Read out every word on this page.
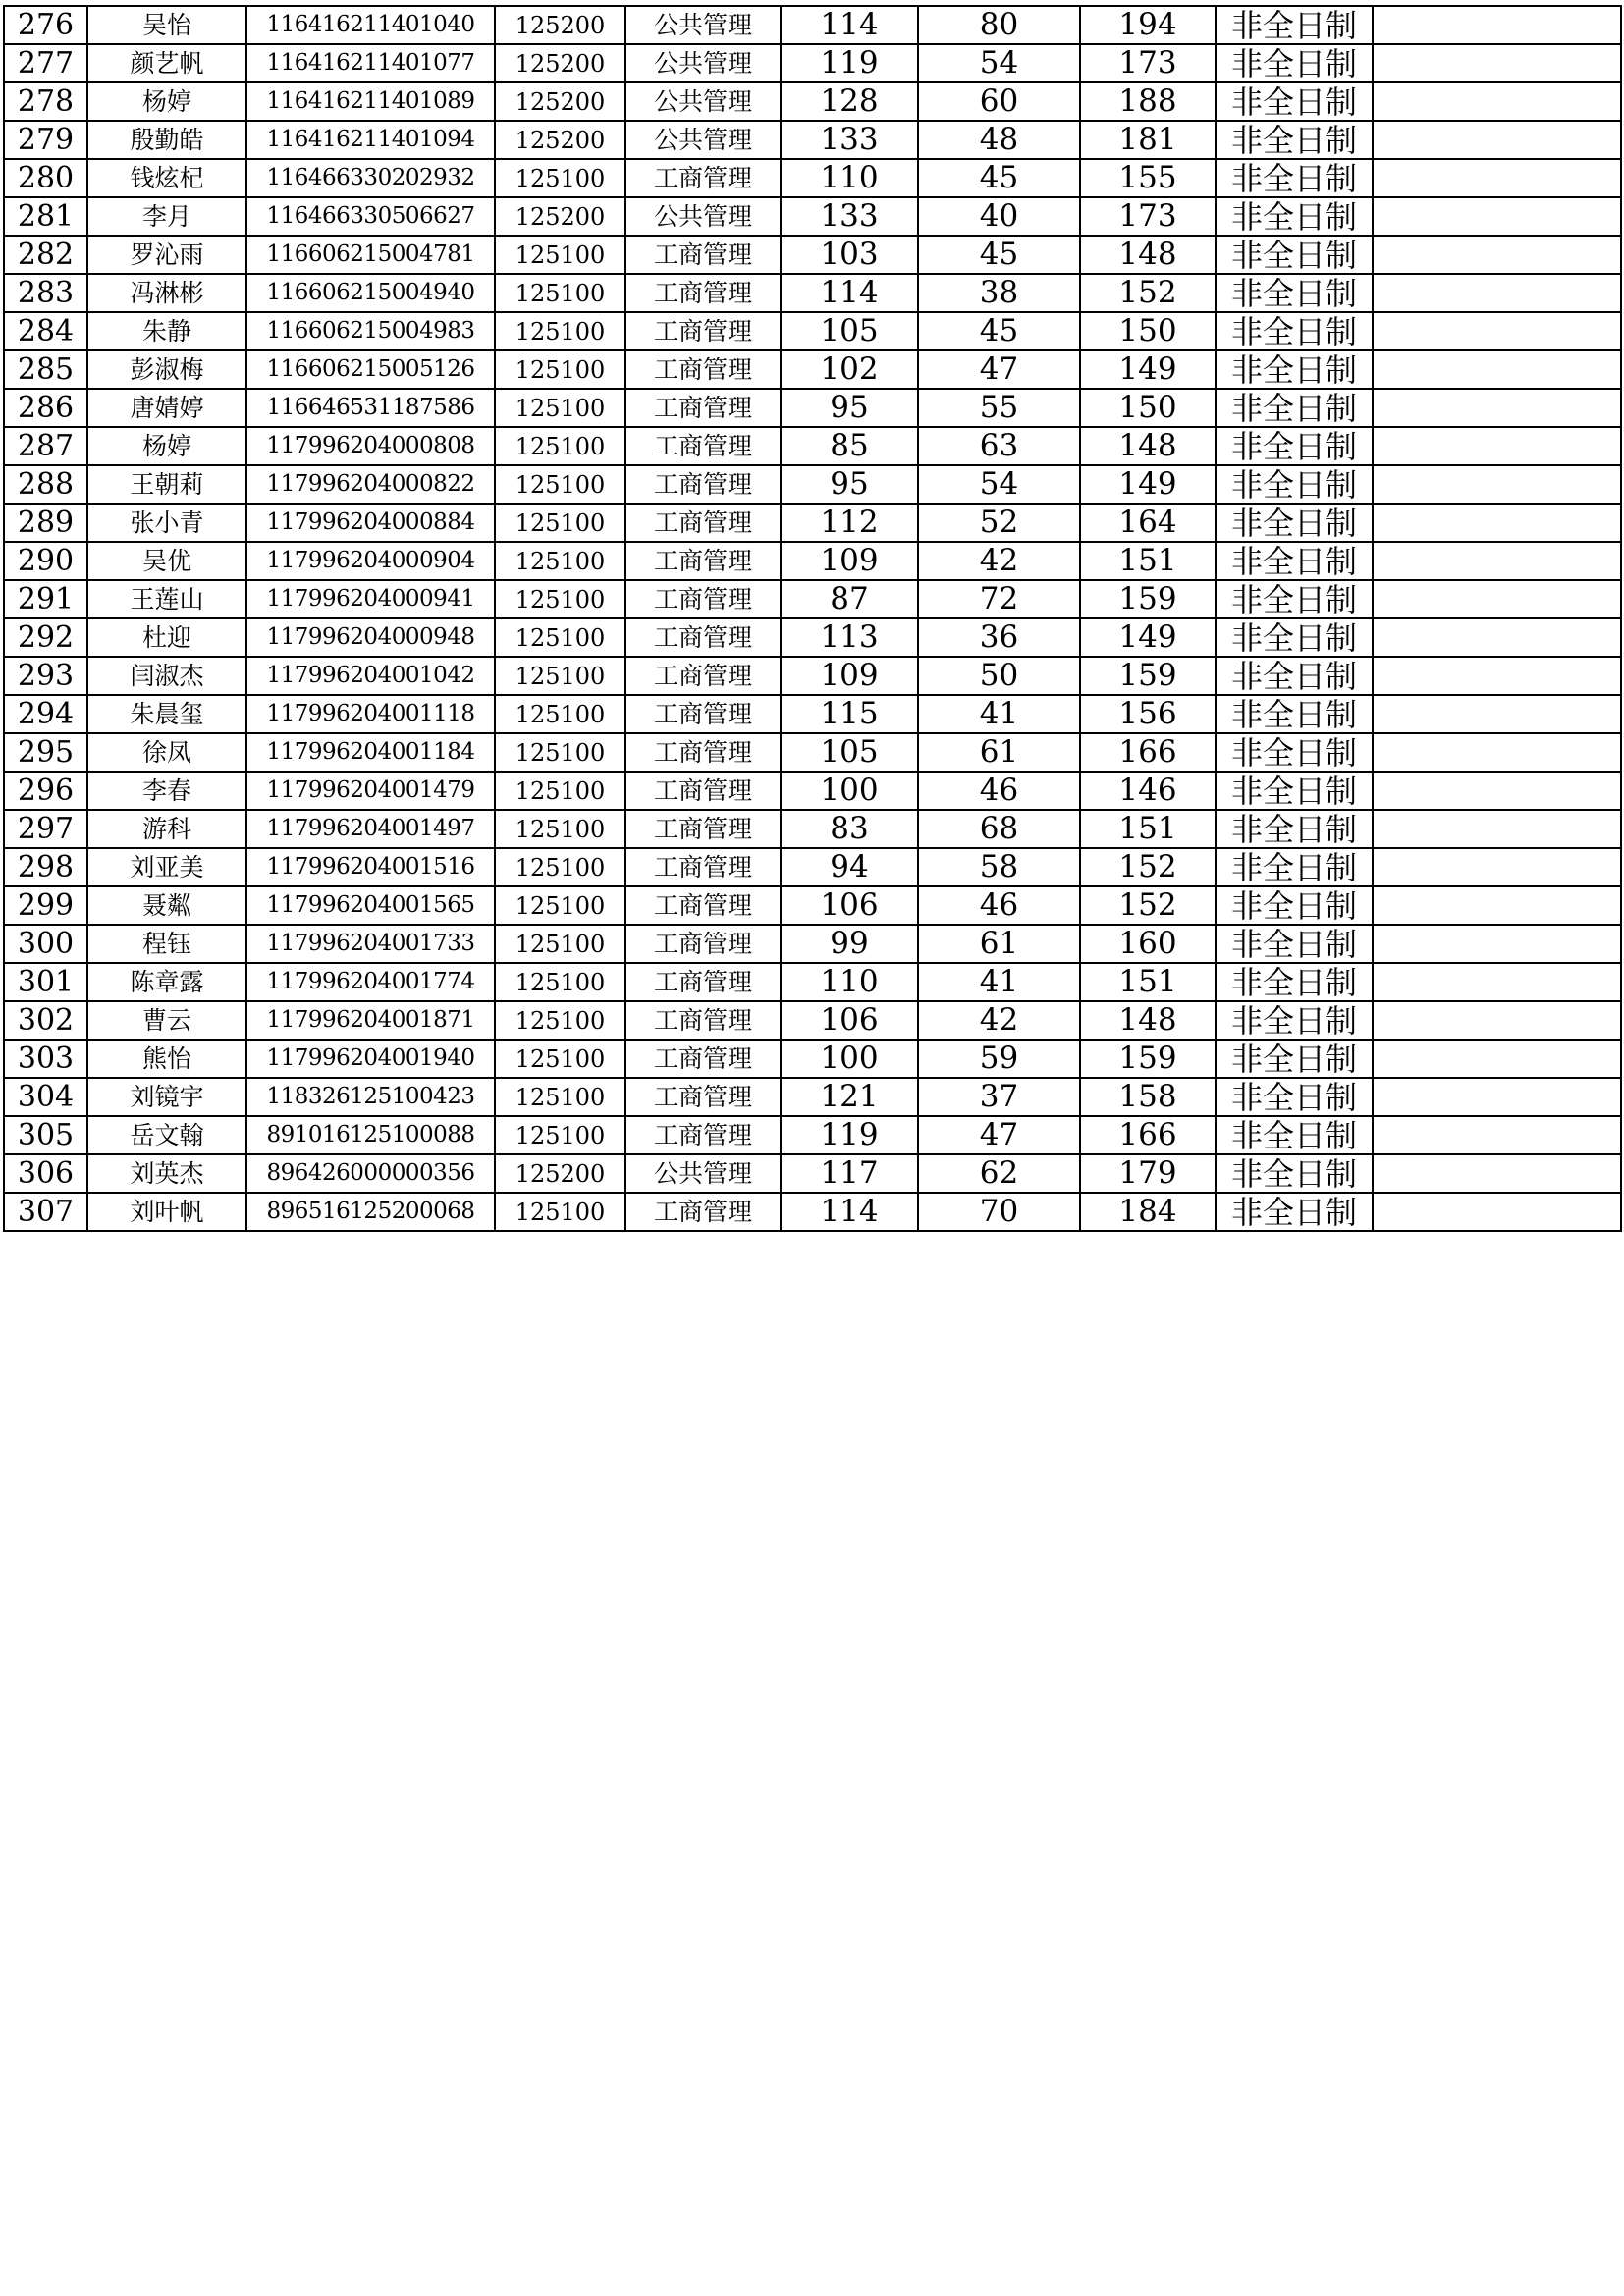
276	吴怡	116416211401040	125200	公共管理	114	80	194	非全日制	
277	颜艺帆	116416211401077	125200	公共管理	119	54	173	非全日制	
278	杨婷	116416211401089	125200	公共管理	128	60	188	非全日制	
279	殷勤皓	116416211401094	125200	公共管理	133	48	181	非全日制	
280	钱炫杞	116466330202932	125100	工商管理	110	45	155	非全日制	
281	李月	116466330506627	125200	公共管理	133	40	173	非全日制	
282	罗沁雨	116606215004781	125100	工商管理	103	45	148	非全日制	
283	冯淋彬	116606215004940	125100	工商管理	114	38	152	非全日制	
284	朱静	116606215004983	125100	工商管理	105	45	150	非全日制	
285	彭淑梅	116606215005126	125100	工商管理	102	47	149	非全日制	
286	唐婧婷	116646531187586	125100	工商管理	95	55	150	非全日制	
287	杨婷	117996204000808	125100	工商管理	85	63	148	非全日制	
288	王朝莉	117996204000822	125100	工商管理	95	54	149	非全日制	
289	张小青	117996204000884	125100	工商管理	112	52	164	非全日制	
290	吴优	117996204000904	125100	工商管理	109	42	151	非全日制	
291	王莲山	117996204000941	125100	工商管理	87	72	159	非全日制	
292	杜迎	117996204000948	125100	工商管理	113	36	149	非全日制	
293	闫淑杰	117996204001042	125100	工商管理	109	50	159	非全日制	
294	朱晨玺	117996204001118	125100	工商管理	115	41	156	非全日制	
295	徐凤	117996204001184	125100	工商管理	105	61	166	非全日制	
296	李春	117996204001479	125100	工商管理	100	46	146	非全日制	
297	游科	117996204001497	125100	工商管理	83	68	151	非全日制	
298	刘亚美	117996204001516	125100	工商管理	94	58	152	非全日制	
299	聂粼	117996204001565	125100	工商管理	106	46	152	非全日制	
300	程钰	117996204001733	125100	工商管理	99	61	160	非全日制	
301	陈章露	117996204001774	125100	工商管理	110	41	151	非全日制	
302	曹云	117996204001871	125100	工商管理	106	42	148	非全日制	
303	熊怡	117996204001940	125100	工商管理	100	59	159	非全日制	
304	刘镜宇	118326125100423	125100	工商管理	121	37	158	非全日制	
305	岳文翰	891016125100088	125100	工商管理	119	47	166	非全日制	
306	刘英杰	896426000000356	125200	公共管理	117	62	179	非全日制	
307	刘叶帆	896516125200068	125100	工商管理	114	70	184	非全日制	
